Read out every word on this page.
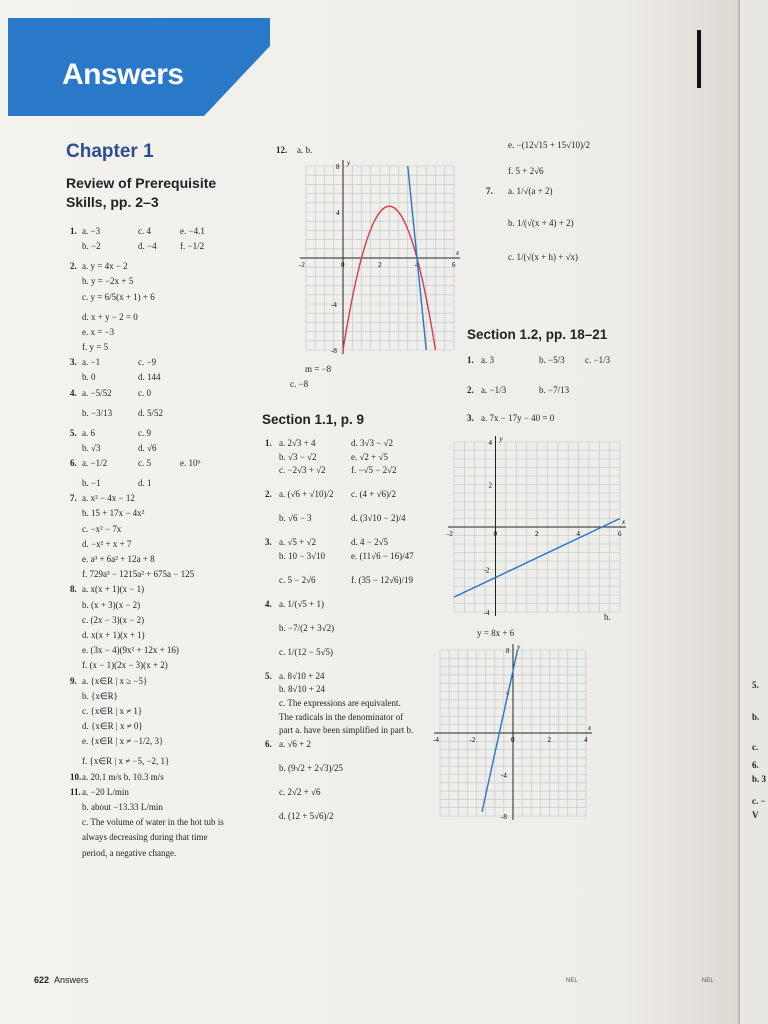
Answers
Chapter 1
Review of Prerequisite Skills, pp. 2–3
1. a. −3	c. 4	e. −4.1
b. −2	d. −4	f. −1/2
2. a. y = 4x − 2
b. y = −2x + 5
c. y = 6/5(x + 1) + 6
d. x + y − 2 = 0
e. x = −3
f. y = 5
3. a. −1	c. −9
b. 0	d. 144
4. a. −5/52	c. 0
b. −3/13	d. 5/52
5. a. 6	c. 9
b. √3	d. √6
6. a. −1/2	c. 5	e. 10⁶
b. −1	d. 1
7. a. x² − 4x − 12
b. 15 + 17x − 4x²
c. −x² − 7x
d. −x² + x + 7
e. a³ + 6a² + 12a + 8
f. 729a³ − 1215a² + 675a − 125
8. a. x(x + 1)(x − 1)
b. (x + 3)(x − 2)
c. (2x − 3)(x − 2)
d. x(x + 1)(x + 1)
e. (3x − 4)(9x² + 12x + 16)
f. (x − 1)(2x − 3)(x + 2)
9. a. {x∈R | x ≥ −5}
b. {x∈R}
c. {x∈R | x ≠ 1}
d. {x∈R | x ≠ 0}
e. {x∈R | x ≠ −1/2, 3}
f. {x∈R | x ≠ −5, −2, 1}
10. a. 20.1 m/s b. 10.3 m/s
11. a. −20 L/min
b. about −13.33 L/min
c. The volume of water in the hot tub is
always decreasing during that time
period, a negative change.
12. a. b.
x
y
-2	0	2	4	6
-8
-4
4
8
m = −8
c. −8
Section 1.1, p. 9
1. a. 2√3 + 4	d. 3√3 − √2
b. √3 − √2	e. √2 + √5
c. −2√3 + √2	f. −√5 − 2√2
2. a. (√6 + √10)/2 c. (4 + √6)/2
b. √6 − 3	d. (3√10 − 2)/4
3. a. √5 + √2	d. 4 − 2√5
b. 10 − 3√10	e. (11√6 − 16)/47
c. 5 − 2√6	f. (35 − 12√6)/19
4. a. 1/(√5 + 1)
b. −7/(2 + 3√2)
c. 1/(12 − 5√5)
5. a. 8√10 + 24
b. 8√10 + 24
c. The expressions are equivalent.
The radicals in the denominator of
part a. have been simplified in part b.
6. a. √6 + 2
b. (9√2 + 2√3)/25
c. 2√2 + √6
d. (12 + 5√6)/2
e. −(12√15 + 15√10)/2
f. 5 + 2√6
7. a. 1/√(a + 2)
b. 1/(√(x + 4) + 2)
c. 1/(√(x + h) + √x)
Section 1.2, pp. 18–21
1. a. 3	b. −5/3 c. −1/3
2. a. −1/3	b. −7/13
3. a. 7x − 17y − 40 = 0
x
y
-2	0	2	4	6
-4
-2
2
4
y = 8x + 6
b.
x
y
-4	-2	0	2	4
-8
-4
4
8
622 Answers	NEL	NEL
5.
b.
c.
6.
b. 3
c. −
V
